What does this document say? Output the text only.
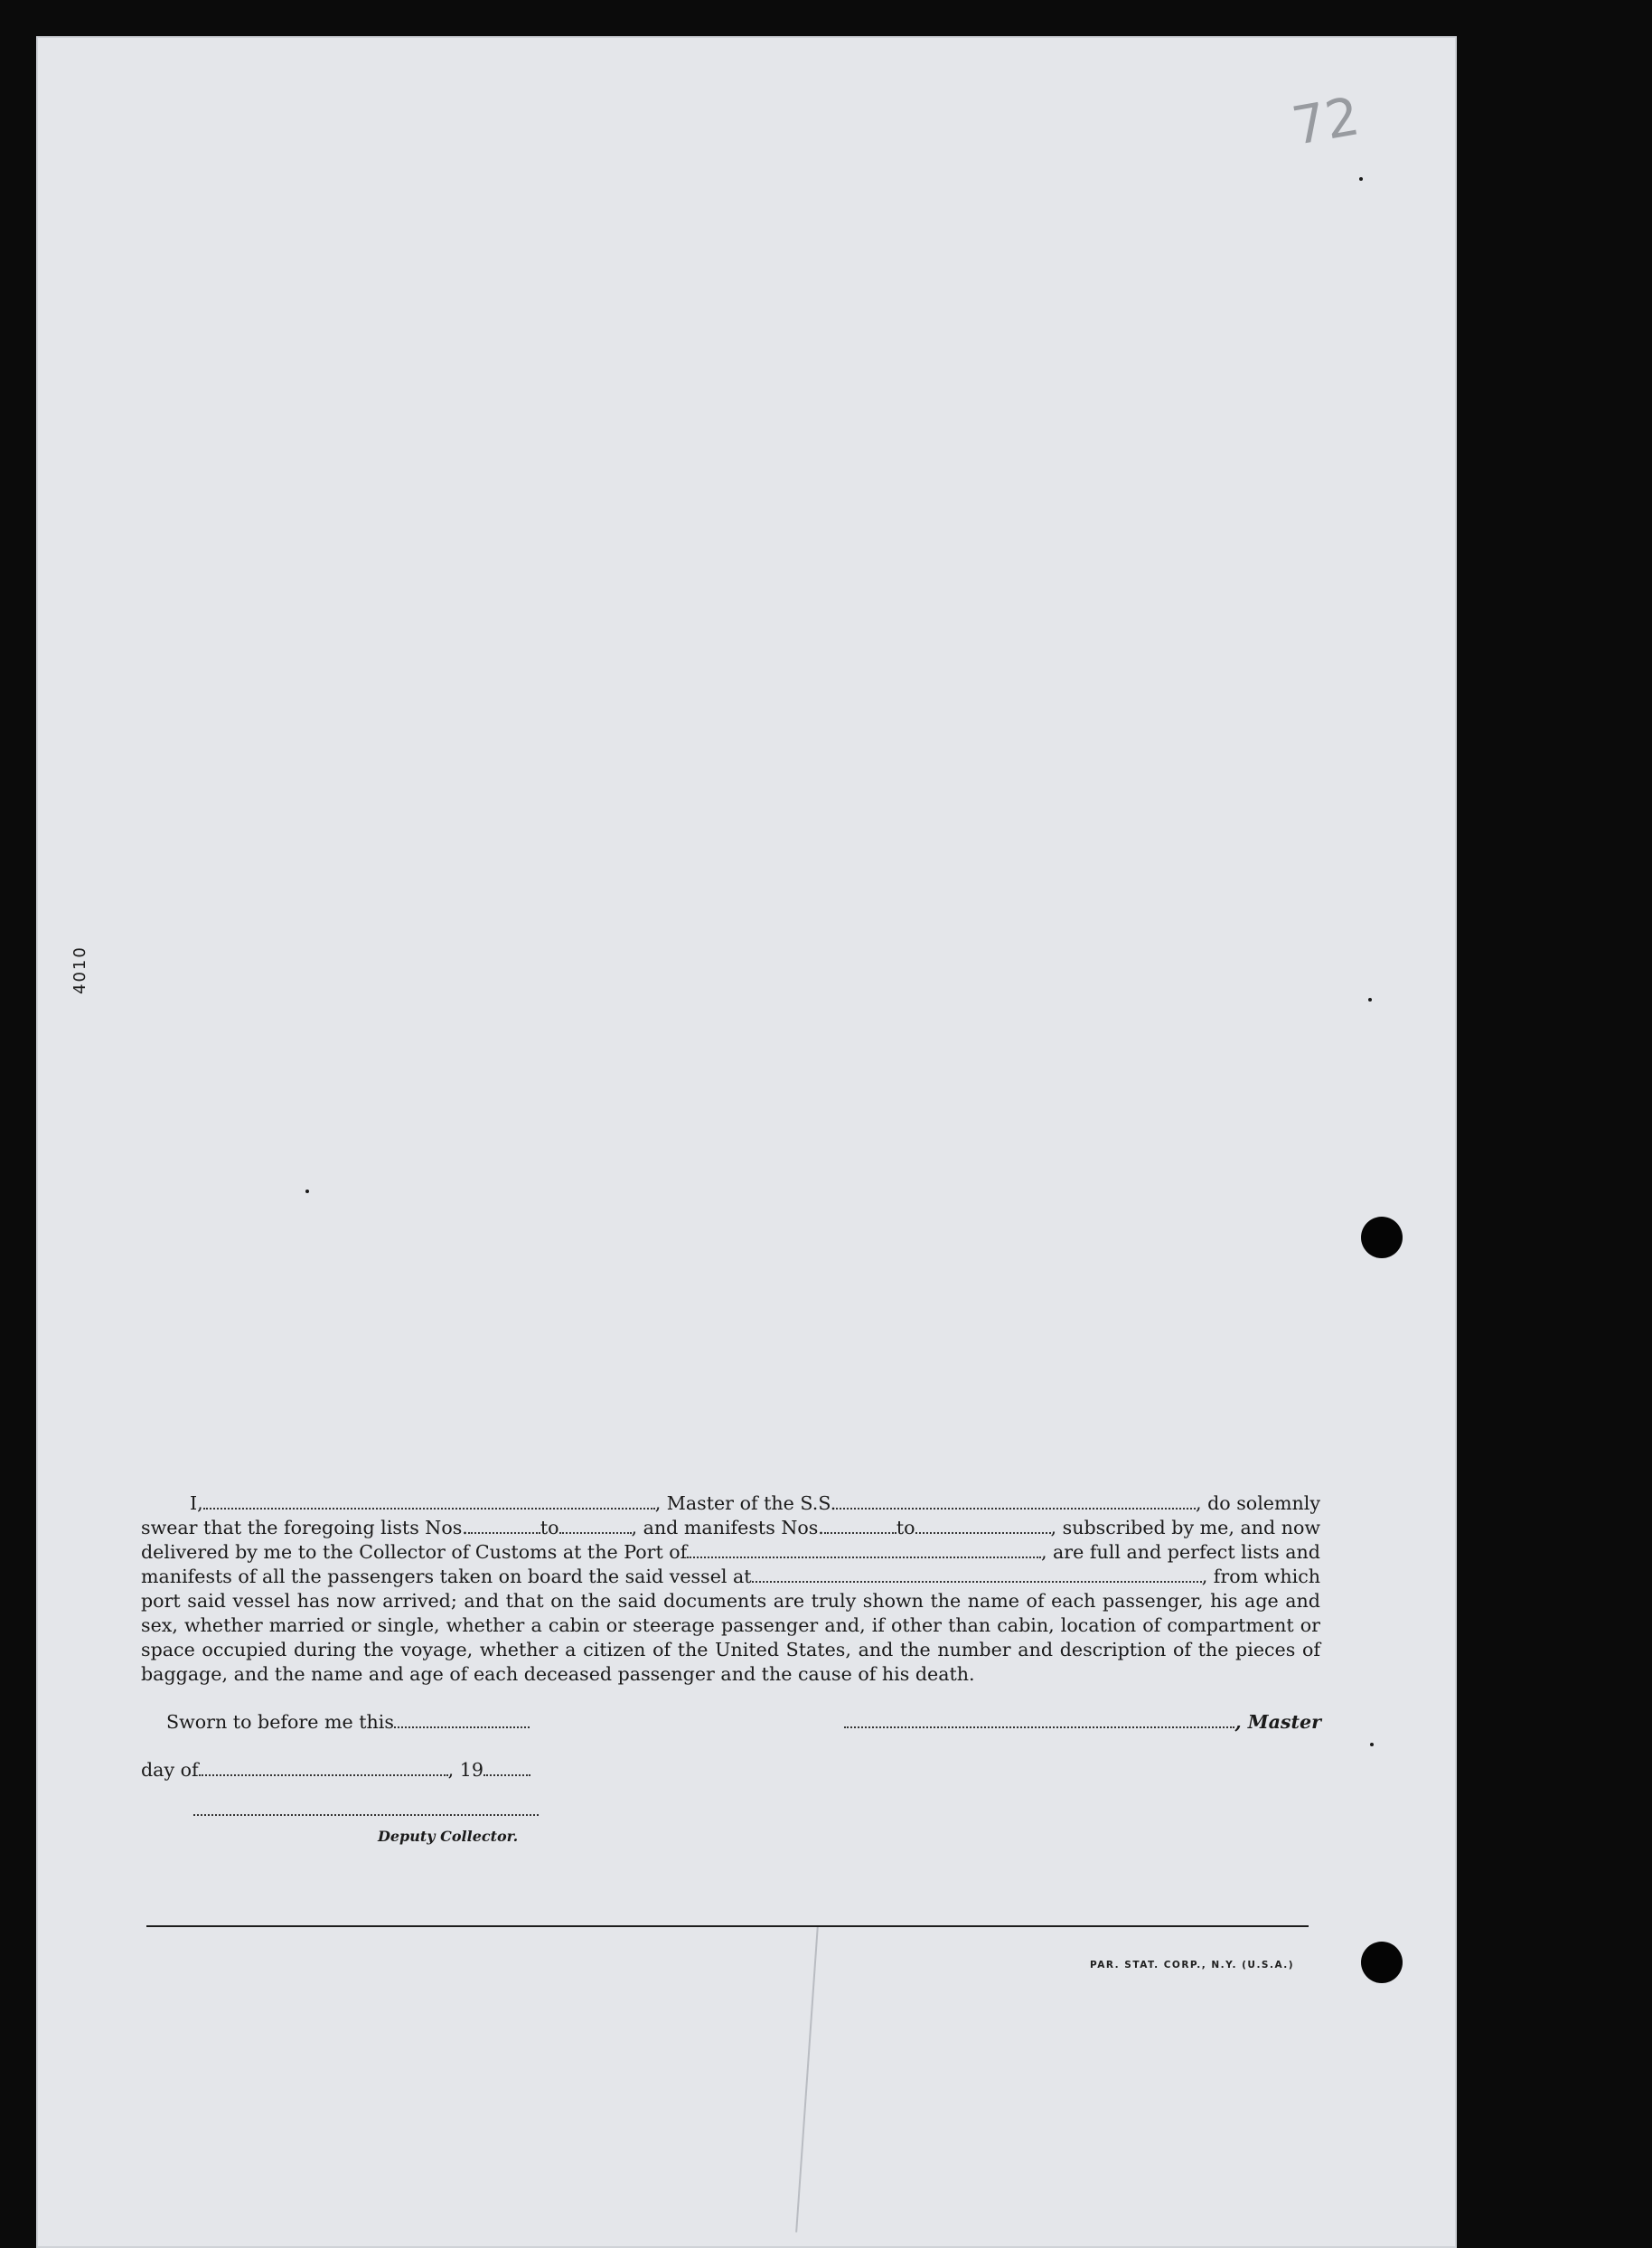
72
4010
I,	, Master of the S.S.	, do solemnly
swear that the foregoing lists Nos.	to	, and manifests Nos.	to	, subscribed by me, and now
delivered by me to the Collector of Customs at the Port of	, are full and perfect lists and
manifests of all the passengers taken on board the said vessel at	, from which
port said vessel has now arrived; and that on the said documents are truly shown the name of each passenger, his age and sex, whether married or single, whether a cabin or steerage passenger and, if other than cabin, location of compartment or space occupied during the voyage, whether a citizen of the United States, and the number and description of the pieces of baggage, and the name and age of each deceased passenger and the cause of his death.
Sworn to before me this	, Master
day of	, 19
Deputy Collector.
PAR. STAT. CORP., N.Y. (U.S.A.)
